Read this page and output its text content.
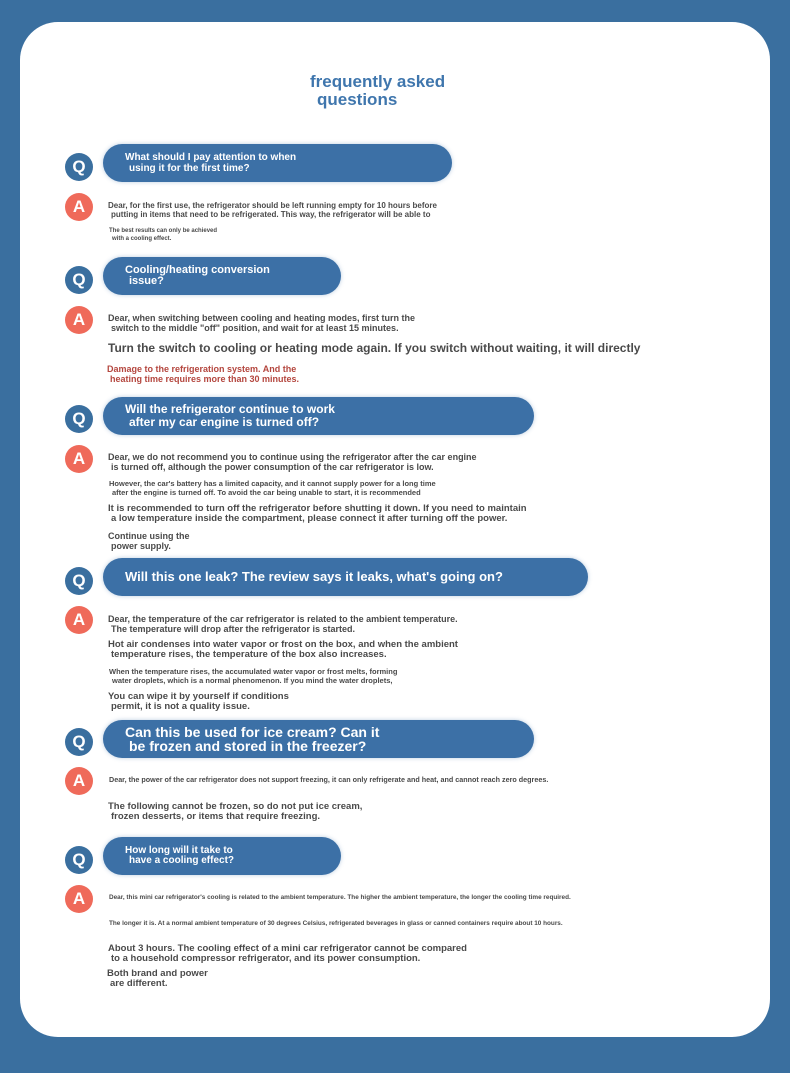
frequently asked
questions
Q	What should I pay attention to when
using it for the first time?
A	Dear, for the first use, the refrigerator should be left running empty for 10 hours before
putting in items that need to be refrigerated. This way, the refrigerator will be able to
The best results can only be achieved
with a cooling effect.
Q	Cooling/heating conversion
issue?
A	Dear, when switching between cooling and heating modes, first turn the
switch to the middle "off" position, and wait for at least 15 minutes.
Turn the switch to cooling or heating mode again. If you switch without waiting, it will directly
Damage to the refrigeration system. And the
heating time requires more than 30 minutes.
Q	Will the refrigerator continue to work
after my car engine is turned off?
A	Dear, we do not recommend you to continue using the refrigerator after the car engine
is turned off, although the power consumption of the car refrigerator is low.
However, the car's battery has a limited capacity, and it cannot supply power for a long time
after the engine is turned off. To avoid the car being unable to start, it is recommended
It is recommended to turn off the refrigerator before shutting it down. If you need to maintain
a low temperature inside the compartment, please connect it after turning off the power.
Continue using the
power supply.
Q	Will this one leak? The review says it leaks, what's going on?
A	Dear, the temperature of the car refrigerator is related to the ambient temperature.
The temperature will drop after the refrigerator is started.
Hot air condenses into water vapor or frost on the box, and when the ambient
temperature rises, the temperature of the box also increases.
When the temperature rises, the accumulated water vapor or frost melts, forming
water droplets, which is a normal phenomenon. If you mind the water droplets,
You can wipe it by yourself if conditions
permit, it is not a quality issue.
Q	Can this be used for ice cream? Can it
be frozen and stored in the freezer?
A	Dear, the power of the car refrigerator does not support freezing, it can only refrigerate and heat, and cannot reach zero degrees.
The following cannot be frozen, so do not put ice cream,
frozen desserts, or items that require freezing.
Q	How long will it take to
have a cooling effect?
A	Dear, this mini car refrigerator's cooling is related to the ambient temperature. The higher the ambient temperature, the longer the cooling time required.
The longer it is. At a normal ambient temperature of 30 degrees Celsius, refrigerated beverages in glass or canned containers require about 10 hours.
About 3 hours. The cooling effect of a mini car refrigerator cannot be compared
to a household compressor refrigerator, and its power consumption.
Both brand and power
are different.
